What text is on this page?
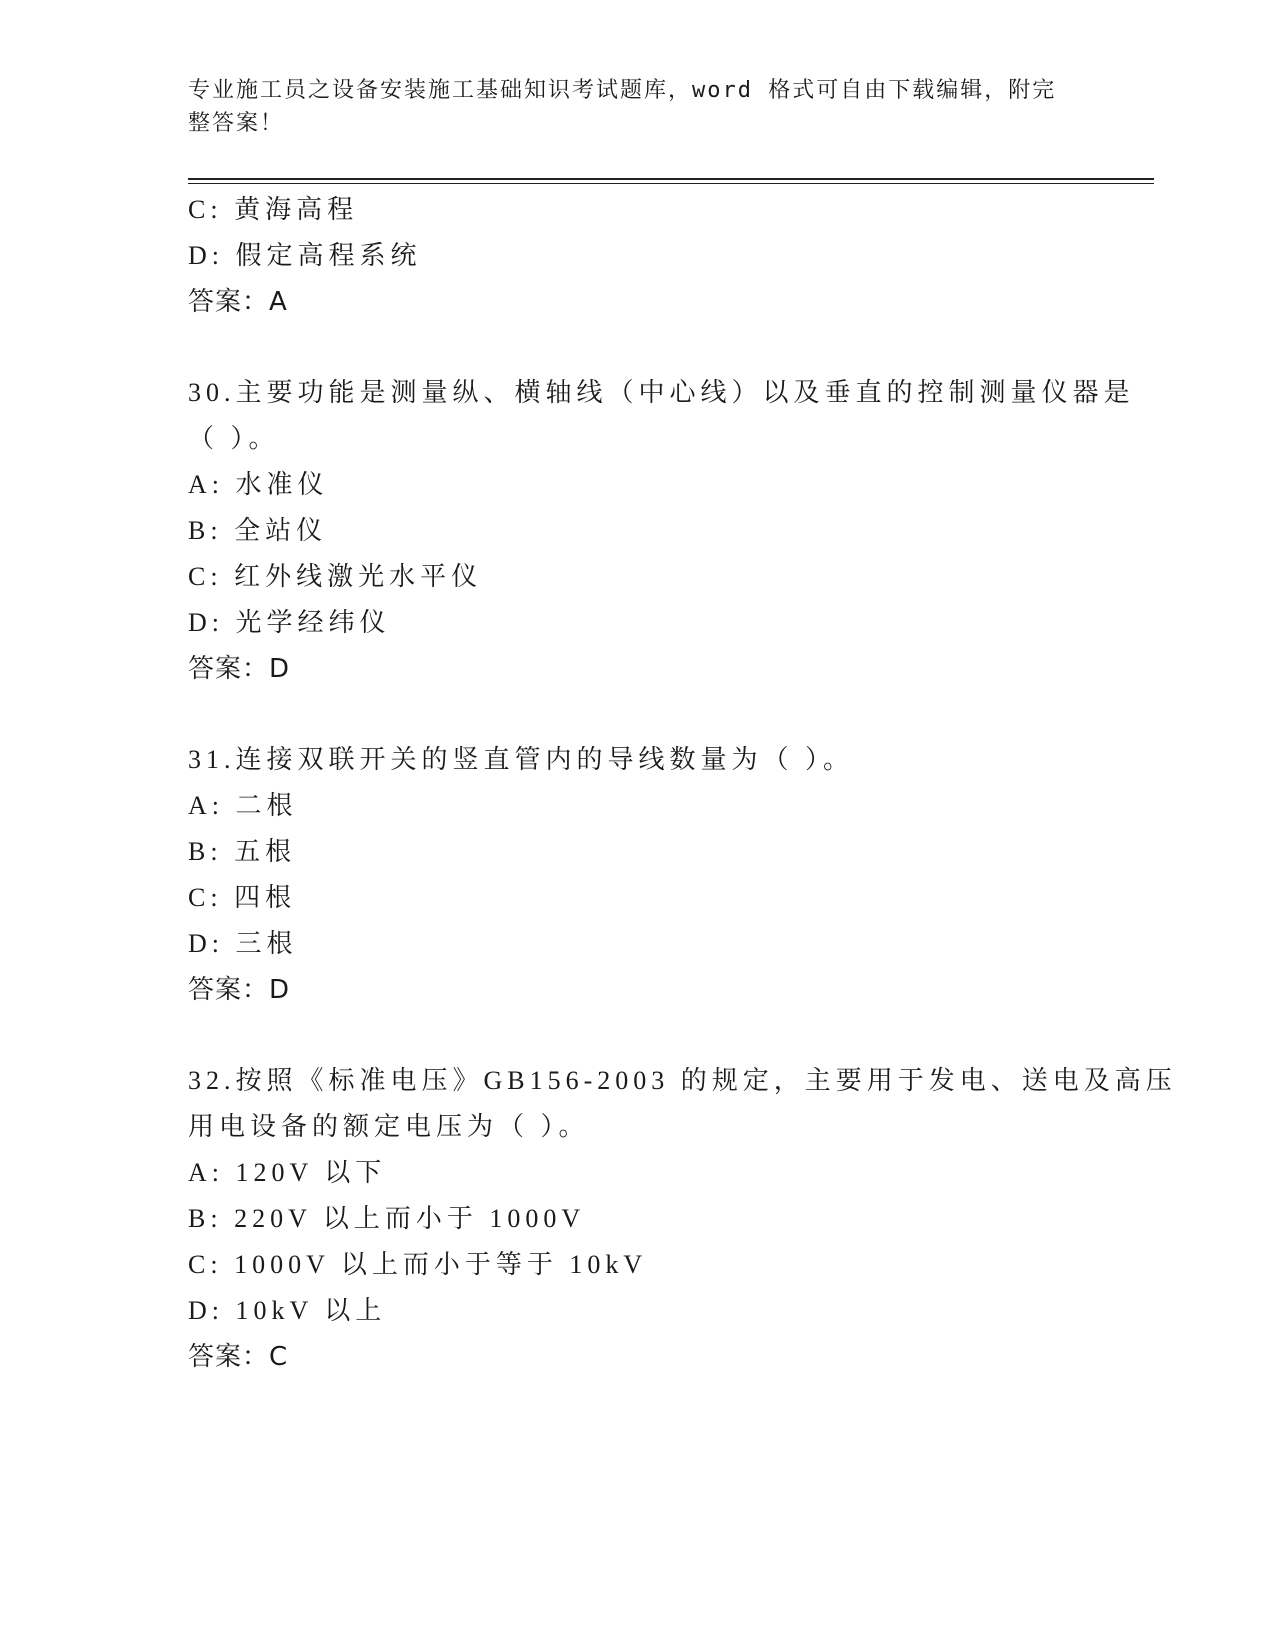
专业施工员之设备安装施工基础知识考试题库，word 格式可自由下载编辑，附完
整答案！
C: 黄海高程
D: 假定高程系统
答案：A
30.主要功能是测量纵、横轴线（中心线）以及垂直的控制测量仪器是
（ ）。
A: 水准仪
B: 全站仪
C: 红外线激光水平仪
D: 光学经纬仪
答案：D
31.连接双联开关的竖直管内的导线数量为（ ）。
A: 二根
B: 五根
C: 四根
D: 三根
答案：D
32.按照《标准电压》GB156-2003 的规定，主要用于发电、送电及高压
用电设备的额定电压为（ ）。
A: 120V 以下
B: 220V 以上而小于 1000V
C: 1000V 以上而小于等于 10kV
D: 10kV 以上
答案：C
